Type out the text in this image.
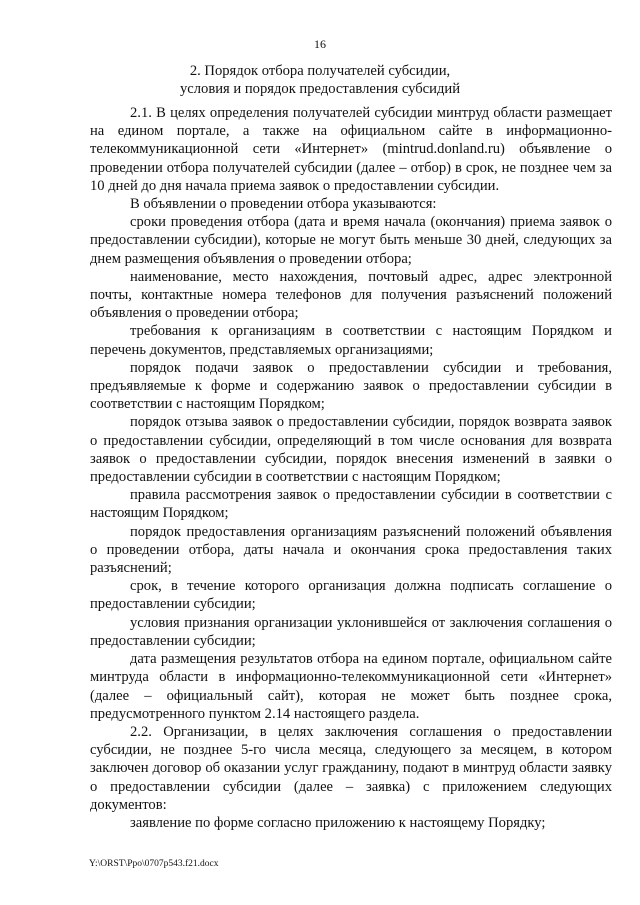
16
2. Порядок отбора получателей субсидии,
условия и порядок предоставления субсидий

2.1. В целях определения получателей субсидии минтруд области размещает на едином портале, а также на официальном сайте в информационно-телекоммуникационной сети «Интернет» (mintrud.donland.ru) объявление о проведении отбора получателей субсидии (далее – отбор) в срок, не позднее чем за 10 дней до дня начала приема заявок о предоставлении субсидии.

В объявлении о проведении отбора указываются:

сроки проведения отбора (дата и время начала (окончания) приема заявок о предоставлении субсидии), которые не могут быть меньше 30 дней, следующих за днем размещения объявления о проведении отбора;

наименование, место нахождения, почтовый адрес, адрес электронной почты, контактные номера телефонов для получения разъяснений положений объявления о проведении отбора;

требования к организациям в соответствии с настоящим Порядком и перечень документов, представляемых организациями;

порядок подачи заявок о предоставлении субсидии и требования, предъявляемые к форме и содержанию заявок о предоставлении субсидии в соответствии с настоящим Порядком;

порядок отзыва заявок о предоставлении субсидии, порядок возврата заявок о предоставлении субсидии, определяющий в том числе основания для возврата заявок о предоставлении субсидии, порядок внесения изменений в заявки о предоставлении субсидии в соответствии с настоящим Порядком;

правила рассмотрения заявок о предоставлении субсидии в соответствии с настоящим Порядком;

порядок предоставления организациям разъяснений положений объявления о проведении отбора, даты начала и окончания срока предоставления таких разъяснений;

срок, в течение которого организация должна подписать соглашение о предоставлении субсидии;

условия признания организации уклонившейся от заключения соглашения о предоставлении субсидии;

дата размещения результатов отбора на едином портале, официальном сайте минтруда области в информационно-телекоммуникационной сети «Интернет» (далее – официальный сайт), которая не может быть позднее срока, предусмотренного пунктом 2.14 настоящего раздела.

2.2. Организации, в целях заключения соглашения о предоставлении субсидии, не позднее 5-го числа месяца, следующего за месяцем, в котором заключен договор об оказании услуг гражданину, подают в минтруд области заявку о предоставлении субсидии (далее – заявка) с приложением следующих документов:

заявление по форме согласно приложению к настоящему Порядку;

Y:\ORST\Ppo\0707p543.f21.docx
